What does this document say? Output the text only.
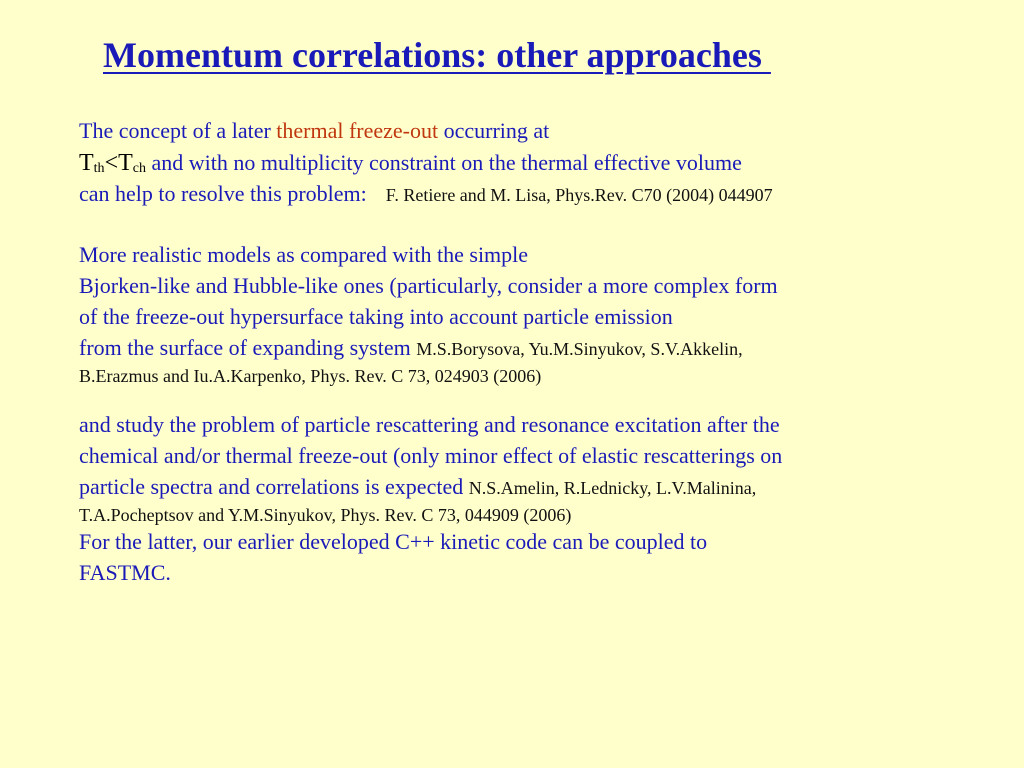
Momentum correlations: other approaches

The concept of a later thermal freeze-out occurring at

Tth<Tch and with no multiplicity constraint on the thermal effective volume

can help to resolve this problem: F. Retiere and M. Lisa, Phys.Rev. C70 (2004) 044907

More realistic models as compared with the simple

Bjorken-like and Hubble-like ones (particularly, consider a more complex form

of the freeze-out hypersurface taking into account particle emission

from the surface of expanding system M.S.Borysova, Yu.M.Sinyukov, S.V.Akkelin,

B.Erazmus and Iu.A.Karpenko, Phys. Rev. C 73, 024903 (2006)

and study the problem of particle rescattering and resonance excitation after the

chemical and/or thermal freeze-out (only minor effect of elastic rescatterings on

particle spectra and correlations is expected N.S.Amelin, R.Lednicky, L.V.Malinina,

T.A.Pocheptsov and Y.M.Sinyukov, Phys. Rev. C 73, 044909 (2006)

For the latter, our earlier developed C++ kinetic code can be coupled to

FASTMC.
